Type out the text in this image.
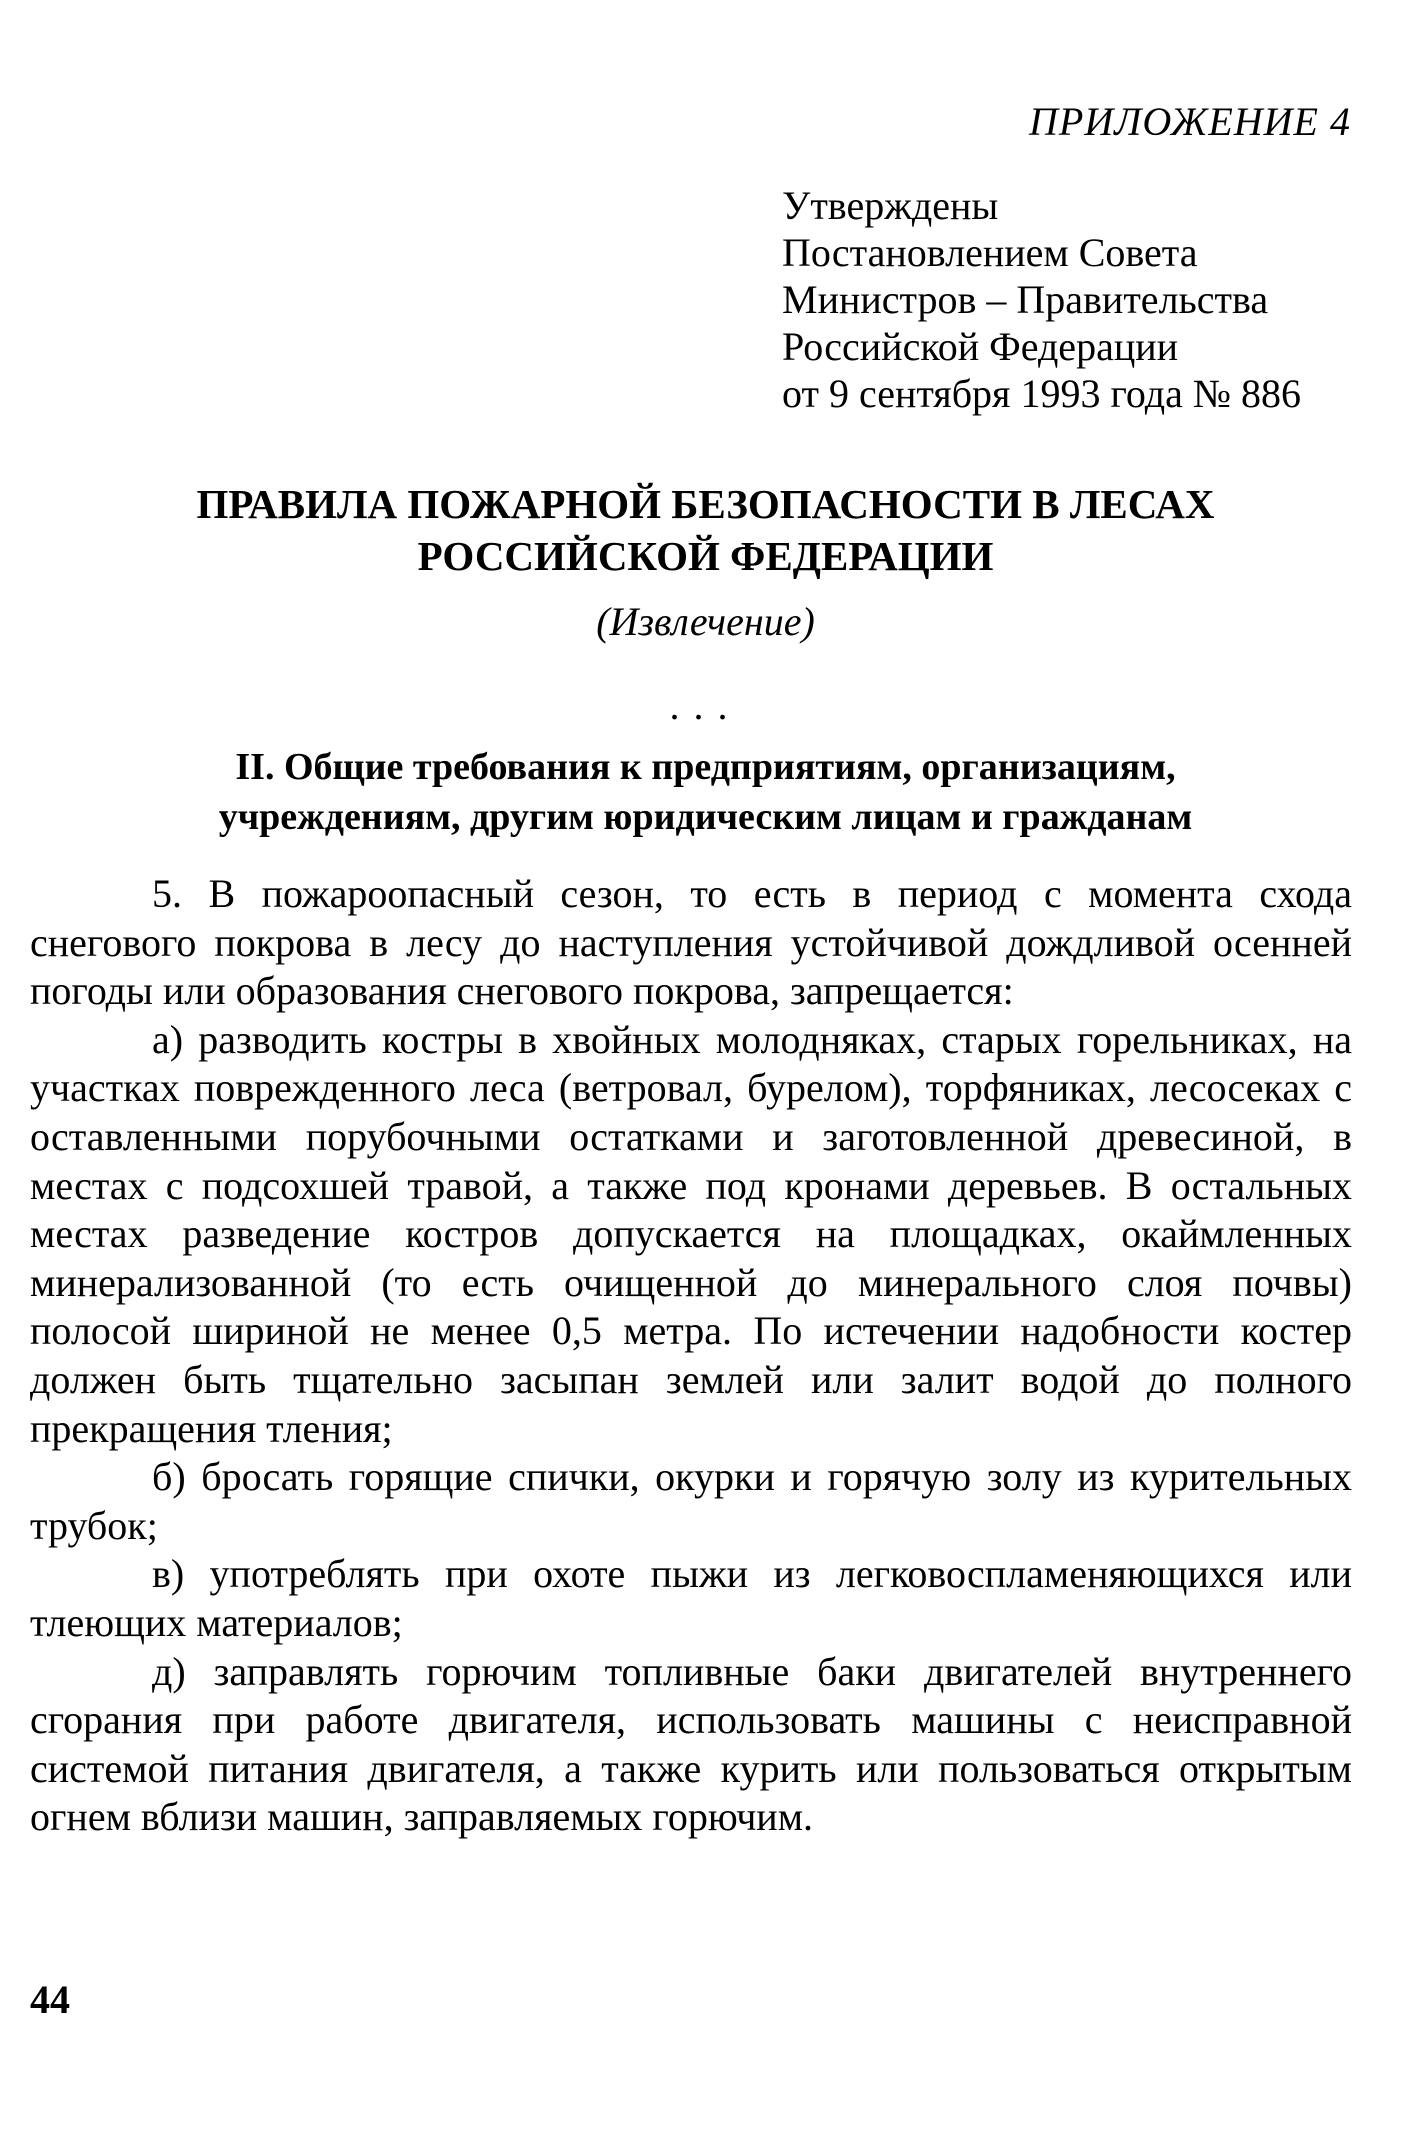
ПРИЛОЖЕНИЕ 4
Утверждены
Постановлением Совета
Министров – Правительства
Российской Федерации
от 9 сентября 1993 года № 886
ПРАВИЛА ПОЖАРНОЙ БЕЗОПАСНОСТИ В ЛЕСАХ
РОССИЙСКОЙ ФЕДЕРАЦИИ
(Извлечение)
...
II. Общие требования к предприятиям, организациям,
учреждениям, другим юридическим лицам и гражданам

5. В пожароопасный сезон, то есть в период с момента схода снегового покрова в лесу до наступления устойчивой дождливой осенней погоды или образования снегового покрова, запрещается:

а) разводить костры в хвойных молодняках, старых горельниках, на участках поврежденного леса (ветровал, бурелом), торфяниках, лесосеках с оставленными порубочными остатками и заготовленной древесиной, в местах с подсохшей травой, а также под кронами деревьев. В остальных местах разведение костров допускается на площадках, окаймленных минерализованной (то есть очищенной до минерального слоя почвы) полосой шириной не менее 0,5 метра. По истечении надобности костер должен быть тщательно засыпан землей или залит водой до полного прекращения тления;

б) бросать горящие спички, окурки и горячую золу из курительных трубок;

в) употреблять при охоте пыжи из легковоспламеняющихся или тлеющих материалов;

д) заправлять горючим топливные баки двигателей внутреннего сгорания при работе двигателя, использовать машины с неисправной системой питания двигателя, а также курить или пользоваться открытым огнем вблизи машин, заправляемых горючим.

44
